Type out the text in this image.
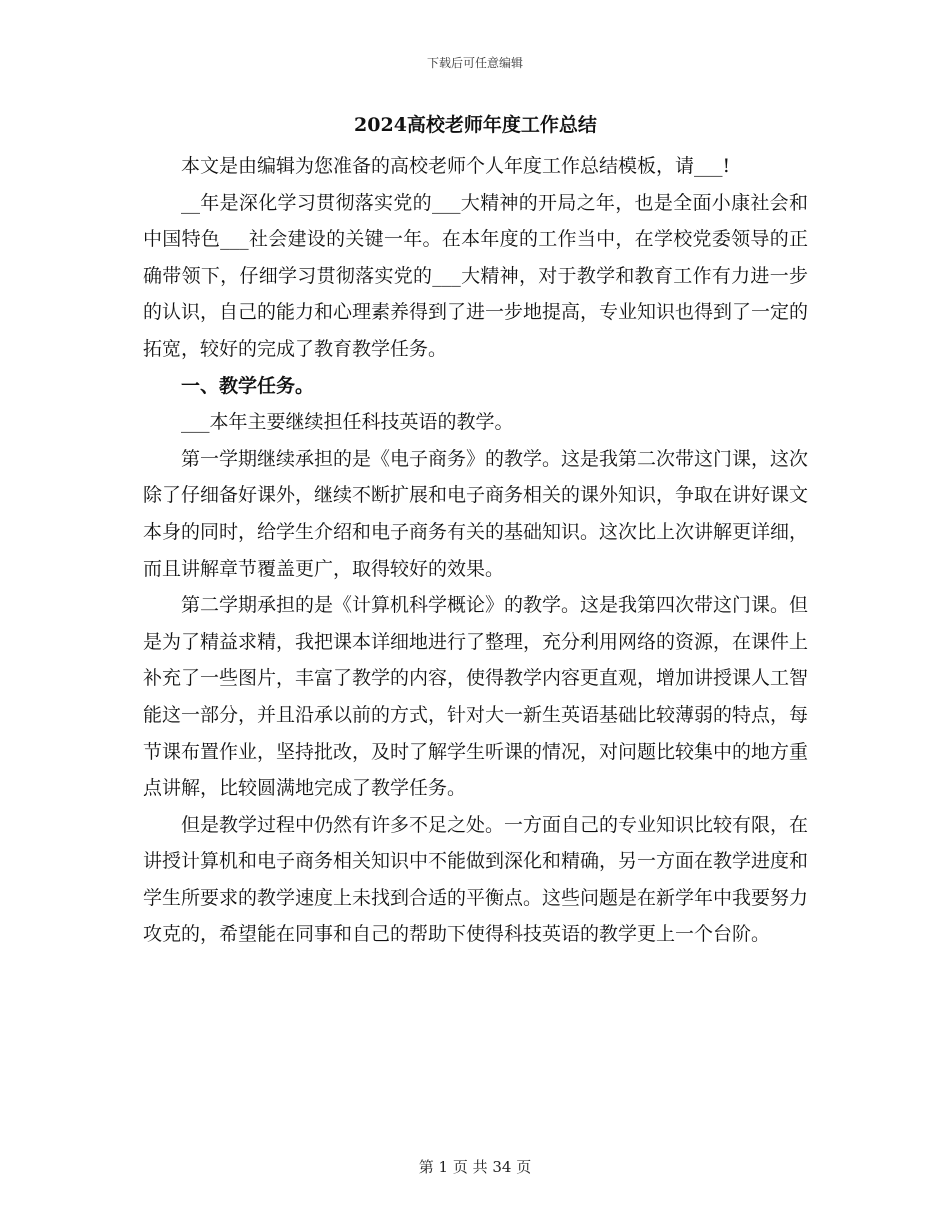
下载后可任意编辑
2024高校老师年度工作总结

本文是由编辑为您准备的高校老师个人年度工作总结模板，请___!

__年是深化学习贯彻落实党的___大精神的开局之年，也是全面小康社会和中国特色___社会建设的关键一年。在本年度的工作当中，在学校党委领导的正确带领下，仔细学习贯彻落实党的___大精神，对于教学和教育工作有力进一步的认识，自己的能力和心理素养得到了进一步地提高，专业知识也得到了一定的拓宽，较好的完成了教育教学任务。

一、教学任务。

___本年主要继续担任科技英语的教学。

第一学期继续承担的是《电子商务》的教学。这是我第二次带这门课，这次除了仔细备好课外，继续不断扩展和电子商务相关的课外知识，争取在讲好课文本身的同时，给学生介绍和电子商务有关的基础知识。这次比上次讲解更详细，而且讲解章节覆盖更广，取得较好的效果。

第二学期承担的是《计算机科学概论》的教学。这是我第四次带这门课。但是为了精益求精，我把课本详细地进行了整理，充分利用网络的资源，在课件上补充了一些图片，丰富了教学的内容，使得教学内容更直观，增加讲授课人工智能这一部分，并且沿承以前的方式，针对大一新生英语基础比较薄弱的特点，每节课布置作业，坚持批改，及时了解学生听课的情况，对问题比较集中的地方重点讲解，比较圆满地完成了教学任务。

但是教学过程中仍然有许多不足之处。一方面自己的专业知识比较有限，在讲授计算机和电子商务相关知识中不能做到深化和精确，另一方面在教学进度和学生所要求的教学速度上未找到合适的平衡点。这些问题是在新学年中我要努力攻克的，希望能在同事和自己的帮助下使得科技英语的教学更上一个台阶。

第 1 页 共 34 页
